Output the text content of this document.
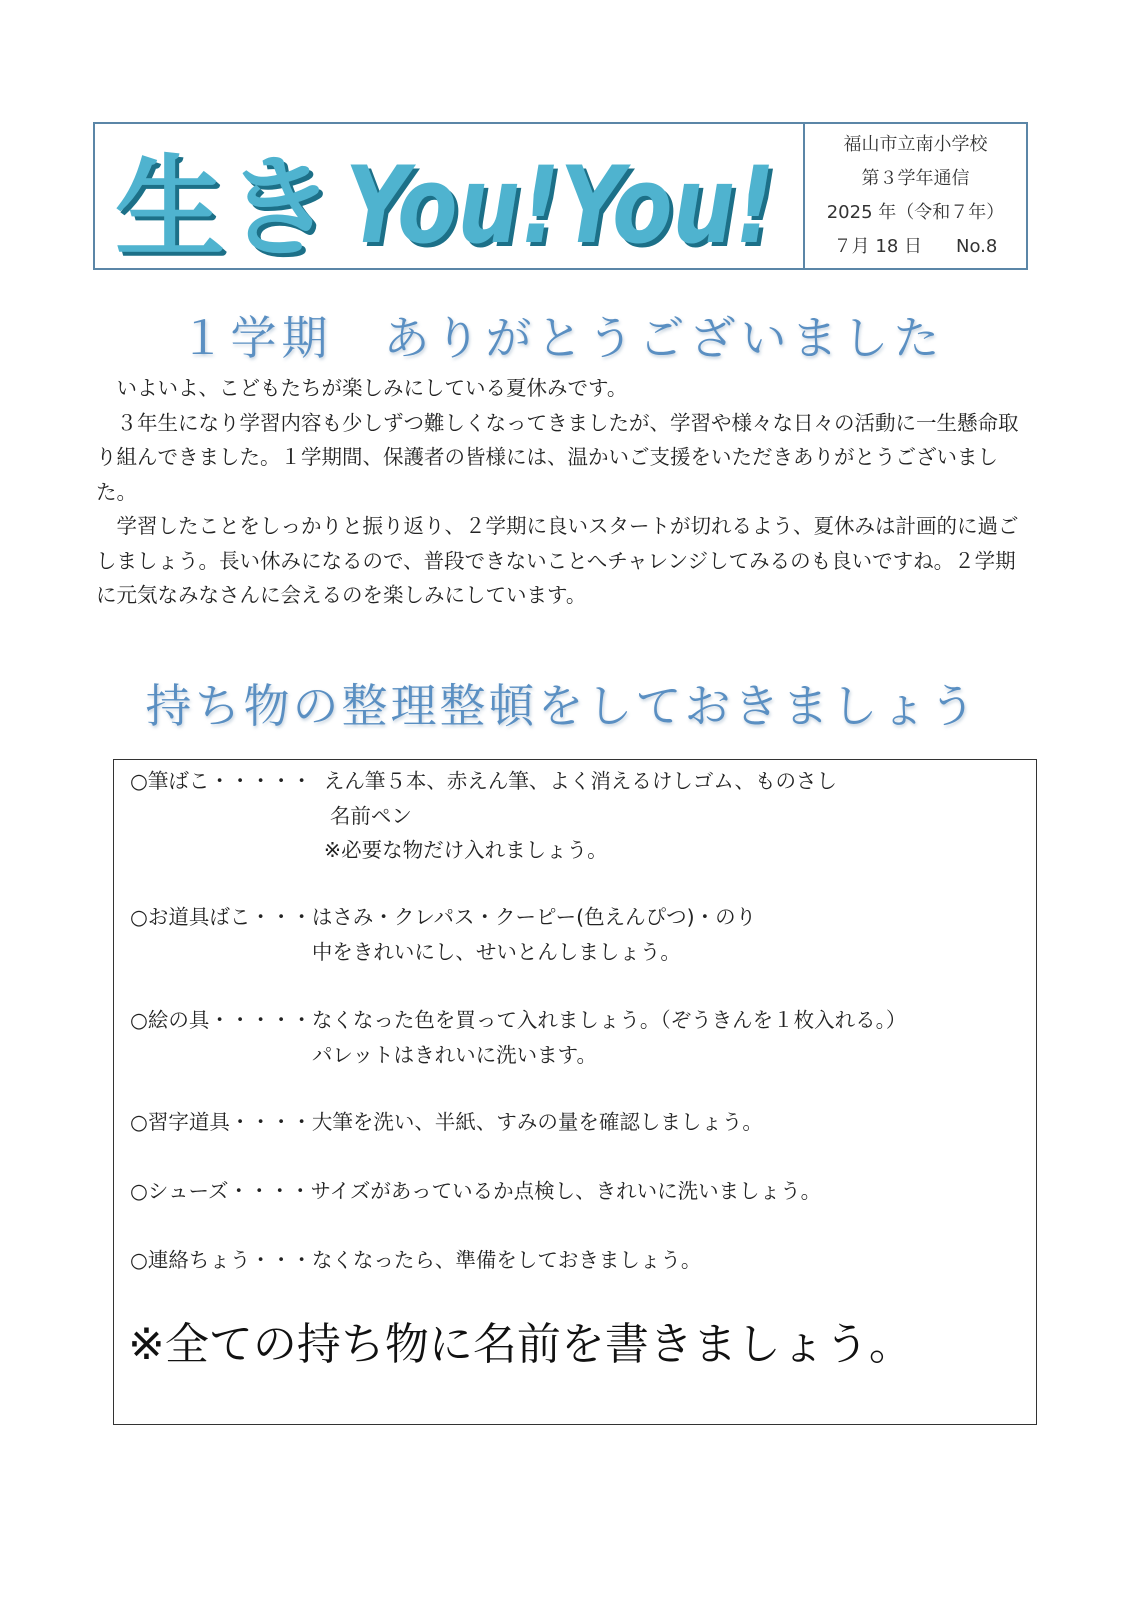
生き You!You!	福山市立南小学校
第３学年通信
2025 年（令和７年）
７月 18 日 No.8
１学期　ありがとうございました

いよいよ、こどもたちが楽しみにしている夏休みです。

３年生になり学習内容も少しずつ難しくなってきましたが、学習や様々な日々の活動に一生懸命取り組んできました。１学期間、保護者の皆様には、温かいご支援をいただきありがとうございました。

学習したことをしっかりと振り返り、２学期に良いスタートが切れるよう、夏休みは計画的に過ごしましょう。長い休みになるので、普段できないことへチャレンジしてみるのも良いですね。２学期に元気なみなさんに会えるのを楽しみにしています。

持ち物の整理整頓をしておきましょう
○筆ばこ・・・・・ えん筆５本、赤えん筆、よく消えるけしゴム、ものさし
名前ペン
※必要な物だけ入れましょう。
○お道具ばこ・・・ はさみ・クレパス・クーピー(色えんぴつ)・のり
中をきれいにし、せいとんしましょう。
○絵の具・・・・・ なくなった色を買って入れましょう。（ぞうきんを１枚入れる。）
パレットはきれいに洗います。
○習字道具・・・・ 大筆を洗い、半紙、すみの量を確認しましょう。
○シューズ・・・・ サイズがあっているか点検し、きれいに洗いましょう。
○連絡ちょう・・・ なくなったら、準備をしておきましょう。
※全ての持ち物に名前を書きましょう。
